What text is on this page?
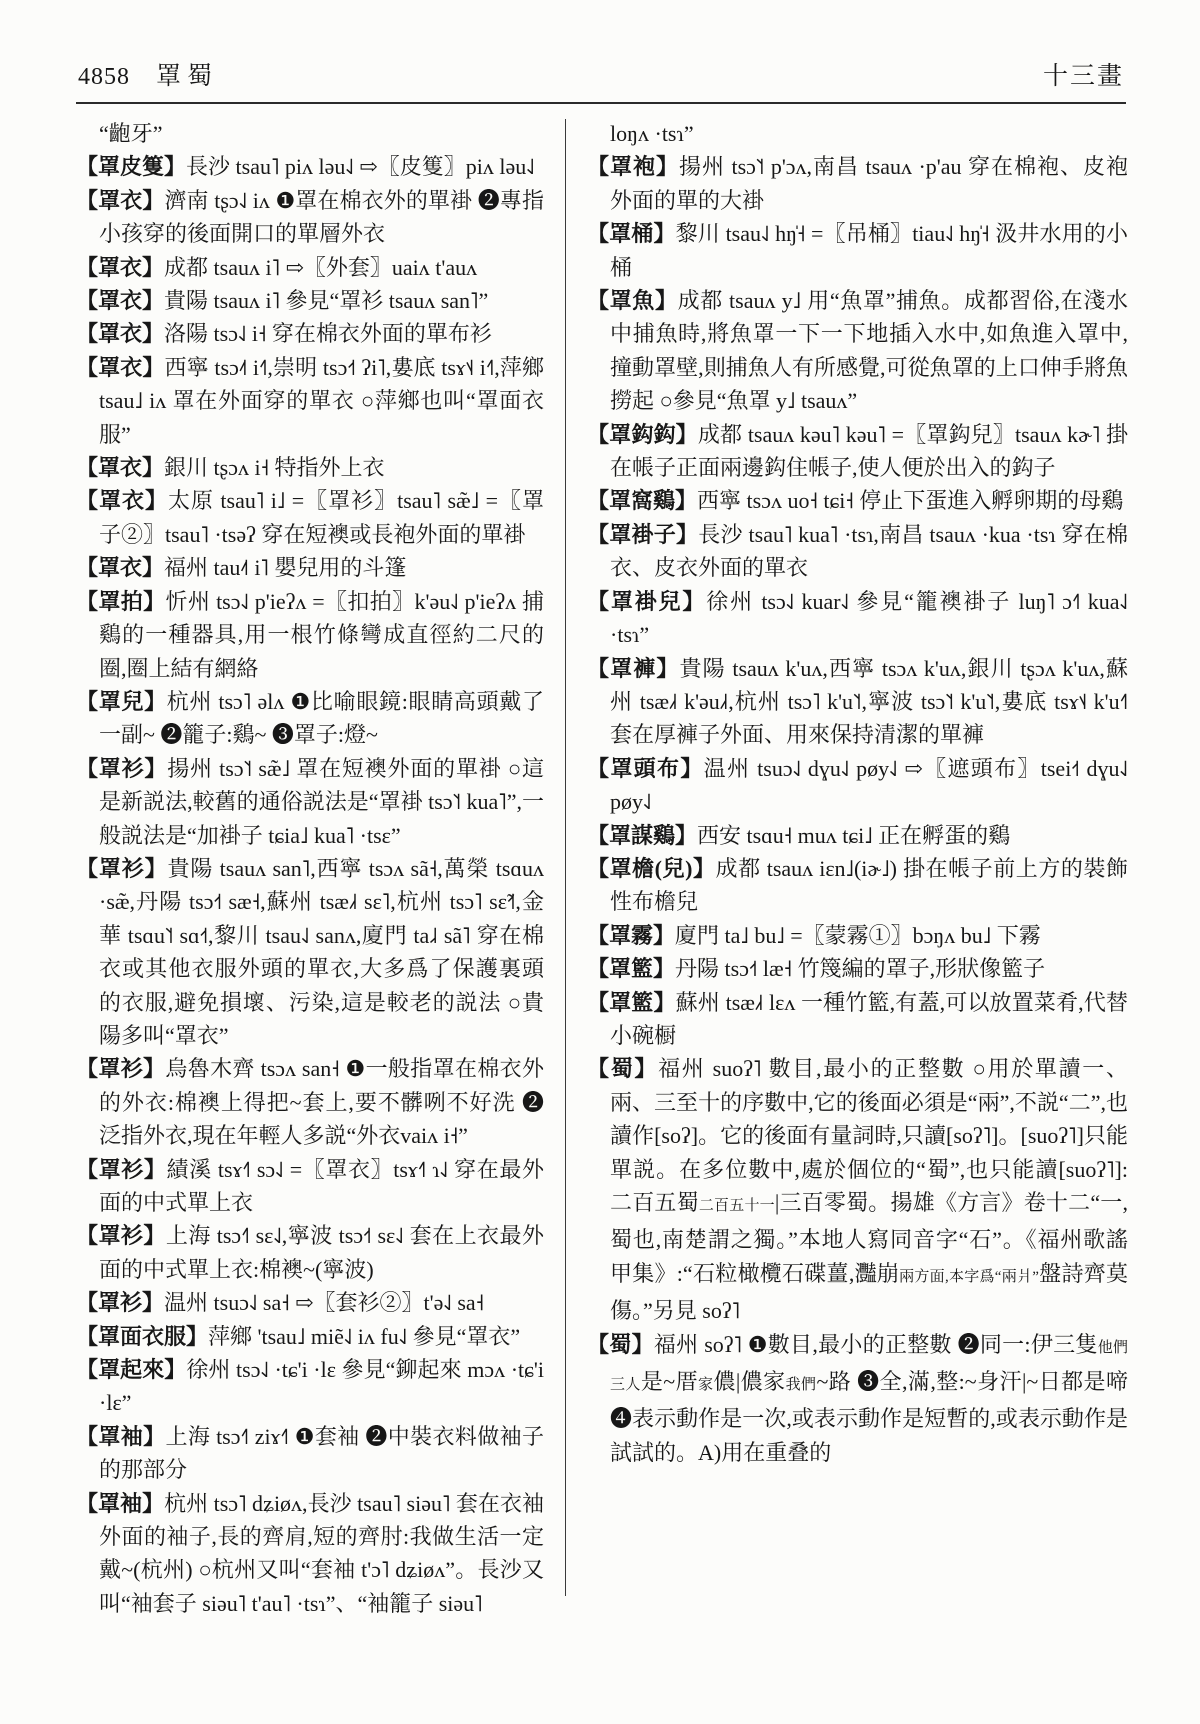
4858 罩蜀	十三畫

“齙牙”

【罩皮篗】長沙 tsau˥ piʌ ləu˨˩ ⇨〖皮篗〗piʌ ləu˨˩

【罩衣】濟南 tʂɔ˨˩ iʌ ❶罩在棉衣外的單褂 ❷專指小孩穿的後面開口的單層外衣

【罩衣】成都 tsauʌ i˥ ⇨〖外套〗uaiʌ t'auʌ

【罩衣】貴陽 tsauʌ i˥ 參見“罩衫 tsauʌ san˥”

【罩衣】洛陽 tsɔ˨˩ i˧ 穿在棉衣外面的單布衫

【罩衣】西寧 tsɔ˨˦ i˧˥,崇明 tsɔ˧˦ ʔi˥,婁底 tsɤ˦˨ i˧˥,萍鄉 tsau˩ iʌ 罩在外面穿的單衣 ○萍鄉也叫“罩面衣服”

【罩衣】銀川 tʂɔʌ i˧ 特指外上衣

【罩衣】太原 tsau˥ i˩ =〖罩衫〗tsau˥ sæ̃˩ =〖罩子②〗tsau˥ ·tsəʔ 穿在短襖或長袍外面的單褂

【罩衣】福州 tau˨˦ i˥ 嬰兒用的斗篷

【罩拍】忻州 tsɔ˨˩ p'ieʔʌ =〖扣拍〗k'əu˨˩ p'ieʔʌ 捕鷄的一種器具,用一根竹條彎成直徑約二尺的圈,圈上結有網絡

【罩兒】杭州 tsɔ˥ əlʌ ❶比喻眼鏡:眼睛高頭戴了一副~ ❷籠子:鷄~ ❸罩子:燈~

【罩衫】揚州 tsɔ˥˦ sæ̃˩ 罩在短襖外面的單褂 ○這是新説法,較舊的通俗説法是“罩褂 tsɔ˥˦ kua˥”,一般説法是“加褂子 tɕia˩ kua˥ ·tsɛ”

【罩衫】貴陽 tsauʌ san˥,西寧 tsɔʌ sã˧,萬榮 tsɑuʌ ·sæ̃,丹陽 tsɔ˧˦ sæ˧,蘇州 tsæ˩˧ sɛ˥,杭州 tsɔ˥ sɛ̃˧˦,金華 tsɑu˥˦ sɑ˧˦,黎川 tsau˨˩ sanʌ,廈門 ta˩˨ sã˥ 穿在棉衣或其他衣服外頭的單衣,大多爲了保護裏頭的衣服,避免損壞、污染,這是較老的説法 ○貴陽多叫“罩衣”

【罩衫】烏魯木齊 tsɔʌ san˧ ❶一般指罩在棉衣外的外衣:棉襖上得把~套上,要不髒咧不好洗 ❷泛指外衣,現在年輕人多説“外衣vaiʌ i˧”

【罩衫】績溪 tsɤ˧˥ sɔ˨˩ =〖罩衣〗tsɤ˧˥ ɿ˨˩ 穿在最外面的中式單上衣

【罩衫】上海 tsɔ˧˥ sɛ˨˩,寧波 tsɔ˧˦ sɛ˨˩ 套在上衣最外面的中式單上衣:棉襖~(寧波)

【罩衫】温州 tsuɔ˨˩ sa˧ ⇨〖套衫②〗t'ə˨˩ sa˧

【罩面衣服】萍鄉 'tsau˩ miẽ˨˩ iʌ fu˨˩ 參見“罩衣”

【罩起來】徐州 tsɔ˨˩ ·tɕ'i ·lɛ 參見“鉚起來 mɔʌ ·tɕ'i ·lɛ”

【罩袖】上海 tsɔ˧˥ ziɤ˧˥ ❶套袖 ❷中裝衣料做袖子的那部分

【罩袖】杭州 tsɔ˥ dʑiøʌ,長沙 tsau˥ siəu˥ 套在衣袖外面的袖子,長的齊肩,短的齊肘:我做生活一定戴~(杭州) ○杭州又叫“套袖 t'ɔ˥ dʑiøʌ”。長沙又叫“袖套子 siəu˥ t'au˥ ·tsɿ”、“袖籠子 siəu˥

loŋʌ ·tsɿ”

【罩袍】揚州 tsɔ˥˦ p'ɔʌ,南昌 tsauʌ ·p'au 穿在棉袍、皮袍外面的單的大褂

【罩桶】黎川 tsau˨˩ hŋ̍˧ =〖吊桶〗tiau˨˩ hŋ̍˧ 汲井水用的小桶

【罩魚】成都 tsauʌ y˩ 用“魚罩”捕魚。成都習俗,在淺水中捕魚時,將魚罩一下一下地插入水中,如魚進入罩中,撞動罩壁,則捕魚人有所感覺,可從魚罩的上口伸手將魚撈起 ○參見“魚罩 y˩ tsauʌ”

【罩鈎鈎】成都 tsauʌ kəu˥ kəu˥ =〖罩鈎兒〗tsauʌ kɚ˥ 掛在帳子正面兩邊鈎住帳子,使人便於出入的鈎子

【罩窩鷄】西寧 tsɔʌ uo˧ tɕi˧ 停止下蛋進入孵卵期的母鷄

【罩褂子】長沙 tsau˥ kua˥ ·tsɿ,南昌 tsauʌ ·kua ·tsɿ 穿在棉衣、皮衣外面的單衣

【罩褂兒】徐州 tsɔ˨˩ kuar˨˩ 參見“籠襖褂子 luŋ˥ ɔ˧˥ kua˨˩ ·tsɿ”

【罩褲】貴陽 tsauʌ k'uʌ,西寧 tsɔʌ k'uʌ,銀川 tʂɔʌ k'uʌ,蘇州 tsæ˩˧ k'əu˩˧,杭州 tsɔ˥ k'u˥˦,寧波 tsɔ˥˦ k'u˥˦,婁底 tsɤ˦˨ k'u˧˥ 套在厚褲子外面、用來保持清潔的單褲

【罩頭布】温州 tsuɔ˨˩ dɣu˨˩ pøy˨˩ ⇨〖遮頭布〗tsei˧˦ dɣu˨˩ pøy˨˩

【罩謀鷄】西安 tsɑu˧ muʌ tɕi˩ 正在孵蛋的鷄

【罩檐(兒)】成都 tsauʌ iɛn˩(iɚ˩) 掛在帳子前上方的裝飾性布檐兒

【罩霧】廈門 ta˩ bu˩ =〖蒙霧①〗bɔŋʌ bu˩ 下霧

【罩籃】丹陽 tsɔ˧˦ læ˧ 竹篾編的罩子,形狀像籃子

【罩籃】蘇州 tsæ˩˧ lɛʌ 一種竹籃,有蓋,可以放置菜肴,代替小碗橱

【蜀】福州 suoʔ˥ 數目,最小的正整數 ○用於單讀一、兩、三至十的序數中,它的後面必須是“兩”,不説“二”,也讀作[soʔ]。它的後面有量詞時,只讀[soʔ˥]。[suoʔ˥]只能單説。在多位數中,處於個位的“蜀”,也只能讀[suoʔ˥]:二百五蜀二百五十一|三百零蜀。揚雄《方言》卷十二“一,蜀也,南楚謂之獨。”本地人寫同音字“石”。《福州歌謠甲集》:“石粒橄欖石碟薑,灩崩兩方面,本字爲“兩爿”盤詩齊莫傷。”另見 soʔ˥

【蜀】福州 soʔ˥ ❶數目,最小的正整數 ❷同一:伊三隻他們三人是~厝家儂|儂家我們~路 ❸全,滿,整:~身汗|~日都是啼 ❹表示動作是一次,或表示動作是短暫的,或表示動作是試試的。A)用在重叠的
